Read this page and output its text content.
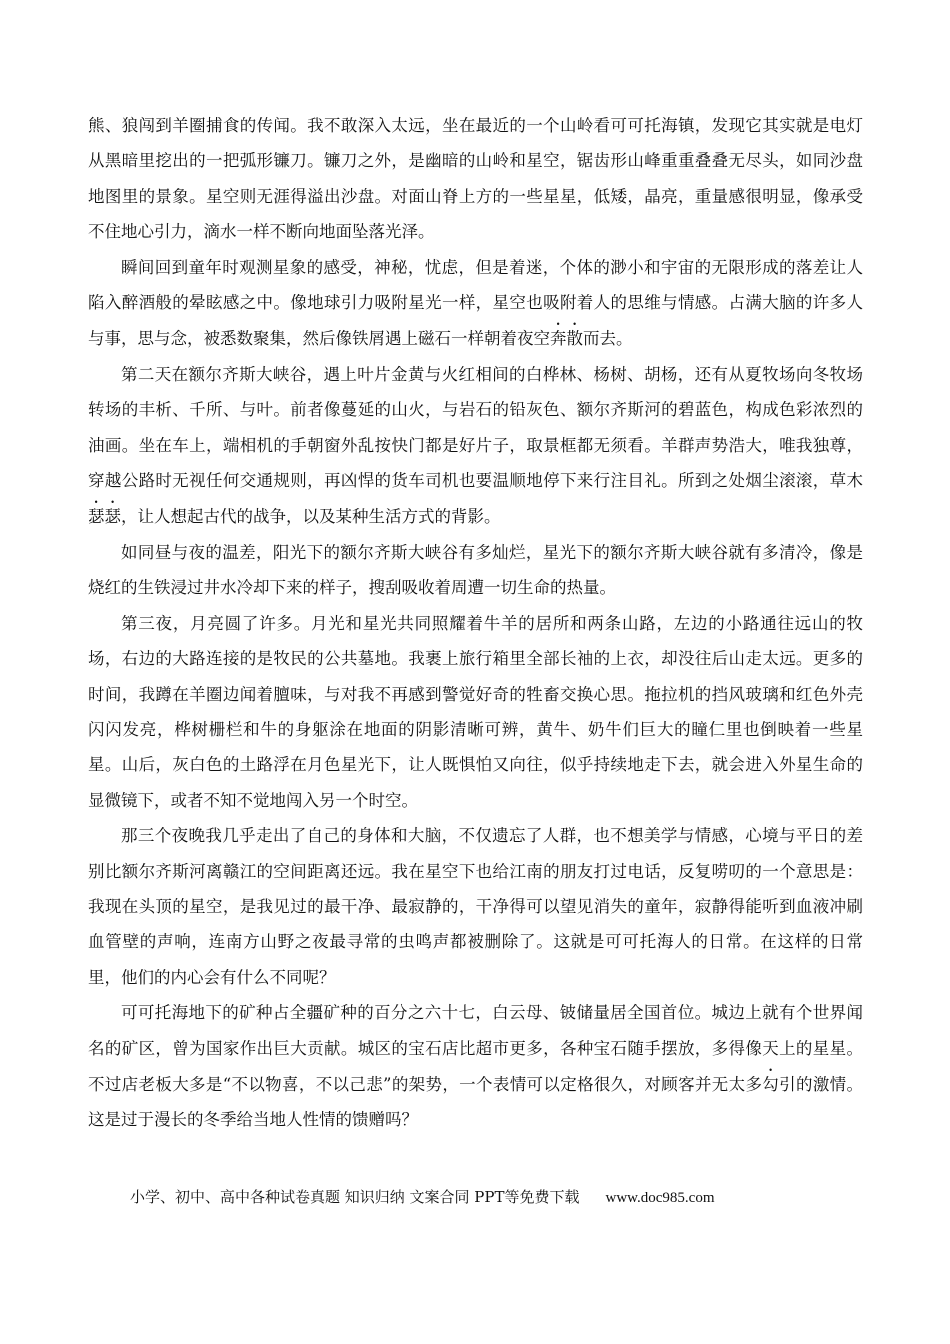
熊、狼闯到羊圈捕食的传闻。我不敢深入太远，坐在最近的一个山岭看可可托海镇，发现它其实就是电灯从黑暗里挖出的一把弧形镰刀。镰刀之外，是幽暗的山岭和星空，锯齿形山峰重重叠叠无尽头，如同沙盘地图里的景象。星空则无涯得溢出沙盘。对面山脊上方的一些星星，低矮，晶亮，重量感很明显，像承受不住地心引力，滴水一样不断向地面坠落光泽。

瞬间回到童年时观测星象的感受，神秘，忧虑，但是着迷，个体的渺小和宇宙的无限形成的落差让人陷入醉酒般的晕眩感之中。像地球引力吸附星光一样，星空也吸附着人的思维与情感。占满大脑的许多人与事，思与念，被悉数聚集，然后像铁屑遇上磁石一样朝着夜空奔散而去。

第二天在额尔齐斯大峡谷，遇上叶片金黄与火红相间的白桦林、杨树、胡杨，还有从夏牧场向冬牧场转场的丰析、千所、与叶。前者像蔓延的山火，与岩石的铅灰色、额尔齐斯河的碧蓝色，构成色彩浓烈的油画。坐在车上，端相机的手朝窗外乱按快门都是好片子，取景框都无须看。羊群声势浩大，唯我独尊，穿越公路时无视任何交通规则，再凶悍的货车司机也要温顺地停下来行注目礼。所到之处烟尘滚滚，草木瑟瑟，让人想起古代的战争，以及某种生活方式的背影。

如同昼与夜的温差，阳光下的额尔齐斯大峡谷有多灿烂，星光下的额尔齐斯大峡谷就有多清冷，像是烧红的生铁浸过井水冷却下来的样子，搜刮吸收着周遭一切生命的热量。

第三夜，月亮圆了许多。月光和星光共同照耀着牛羊的居所和两条山路，左边的小路通往远山的牧场，右边的大路连接的是牧民的公共墓地。我裹上旅行箱里全部长袖的上衣，却没往后山走太远。更多的时间，我蹲在羊圈边闻着膻味，与对我不再感到警觉好奇的牲畜交换心思。拖拉机的挡风玻璃和红色外壳闪闪发亮，桦树栅栏和牛的身躯涂在地面的阴影清晰可辨，黄牛、奶牛们巨大的瞳仁里也倒映着一些星星。山后，灰白色的土路浮在月色星光下，让人既惧怕又向往，似乎持续地走下去，就会进入外星生命的显微镜下，或者不知不觉地闯入另一个时空。

那三个夜晚我几乎走出了自己的身体和大脑，不仅遗忘了人群，也不想美学与情感，心境与平日的差别比额尔齐斯河离赣江的空间距离还远。我在星空下也给江南的朋友打过电话，反复唠叨的一个意思是：我现在头顶的星空，是我见过的最干净、最寂静的，干净得可以望见消失的童年，寂静得能听到血液冲刷血管壁的声响，连南方山野之夜最寻常的虫鸣声都被删除了。这就是可可托海人的日常。在这样的日常里，他们的内心会有什么不同呢？

可可托海地下的矿种占全疆矿种的百分之六十七，白云母、铍储量居全国首位。城边上就有个世界闻名的矿区，曾为国家作出巨大贡献。城区的宝石店比超市更多，各种宝石随手摆放，多得像天上的星星。不过店老板大多是“不以物喜，不以己悲”的架势，一个表情可以定格很久，对顾客并无太多勾引的激情。这是过于漫长的冬季给当地人性情的馈赠吗？

小学、初中、高中各种试卷真题 知识归纳 文案合同 PPT等免费下载 www.doc985.com
